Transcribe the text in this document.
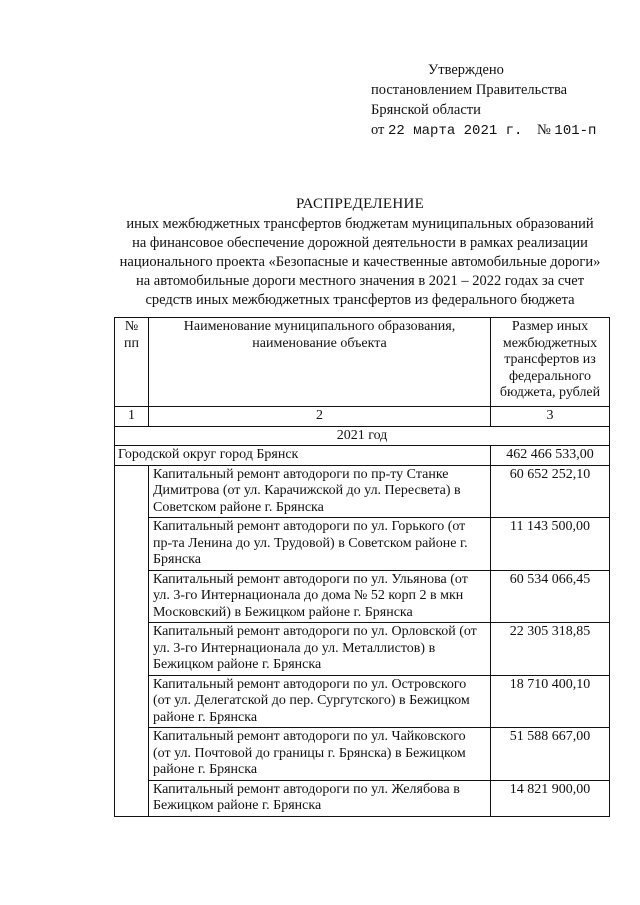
Утверждено
постановлением Правительства
Брянской области
от 22 марта 2021 г. № 101-п
РАСПРЕДЕЛЕНИЕ
иных межбюджетных трансфертов бюджетам муниципальных образований
на финансовое обеспечение дорожной деятельности в рамках реализации
национального проекта «Безопасные и качественные автомобильные дороги»
на автомобильные дороги местного значения в 2021 – 2022 годах за счет
средств иных межбюджетных трансфертов из федерального бюджета
№ пп	Наименование муниципального образования, наименование объекта	Размер иных межбюджетных трансфертов из федерального бюджета, рублей
1	2	3
2021 год		
Городской округ город Брянск		462 466 533,00
	Капитальный ремонт автодороги по пр-ту Станке Димитрова (от ул. Карачижской до ул. Пересвета) в Советском районе г. Брянска	60 652 252,10
	Капитальный ремонт автодороги по ул. Горького (от пр-та Ленина до ул. Трудовой) в Советском районе г. Брянска	11 143 500,00
	Капитальный ремонт автодороги по ул. Ульянова (от ул. 3-го Интернационала до дома № 52 корп 2 в мкн Московский) в Бежицком районе г. Брянска	60 534 066,45
	Капитальный ремонт автодороги по ул. Орловской (от ул. 3-го Интернационала до ул. Металлистов) в Бежицком районе г. Брянска	22 305 318,85
	Капитальный ремонт автодороги по ул. Островского (от ул. Делегатской до пер. Сургутского) в Бежицком районе г. Брянска	18 710 400,10
	Капитальный ремонт автодороги по ул. Чайковского (от ул. Почтовой до границы г. Брянска) в Бежицком районе г. Брянска	51 588 667,00
	Капитальный ремонт автодороги по ул. Желябова в Бежицком районе г. Брянска	14 821 900,00
